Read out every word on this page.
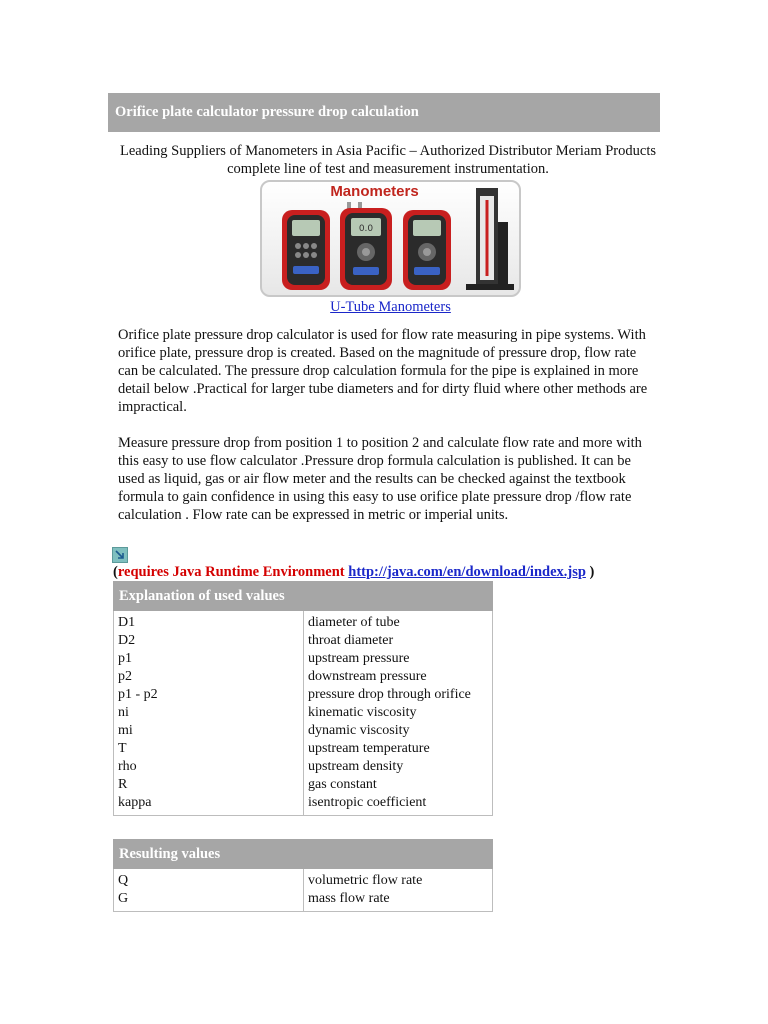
Orifice plate calculator pressure drop calculation
Leading Suppliers of Manometers in Asia Pacific – Authorized Distributor Meriam Products complete line of test and measurement instrumentation.
Manometers
0.0
U-Tube Manometers

Orifice plate pressure drop calculator is used for flow rate measuring in pipe systems. With orifice plate, pressure drop is created. Based on the magnitude of pressure drop, flow rate can be calculated. The pressure drop calculation formula for the pipe is explained in more detail below .Practical for larger tube diameters and for dirty fluid where other methods are impractical.

Measure pressure drop from position 1 to position 2 and calculate flow rate and more with this easy to use flow calculator .Pressure drop formula calculation is published. It can be used as liquid, gas or air flow meter and the results can be checked against the textbook formula to gain confidence in using this easy to use orifice plate pressure drop /flow rate calculation . Flow rate can be expressed in metric or imperial units.

(requires Java Runtime Environment http://java.com/en/download/index.jsp )
Explanation of used values
D1
D2
p1
p2
p1 - p2
ni
mi
T
rho
R
kappa
diameter of tube
throat diameter
upstream pressure
downstream pressure
pressure drop through orifice
kinematic viscosity
dynamic viscosity
upstream temperature
upstream density
gas constant
isentropic coefficient
Resulting values
Q
G
volumetric flow rate
mass flow rate
